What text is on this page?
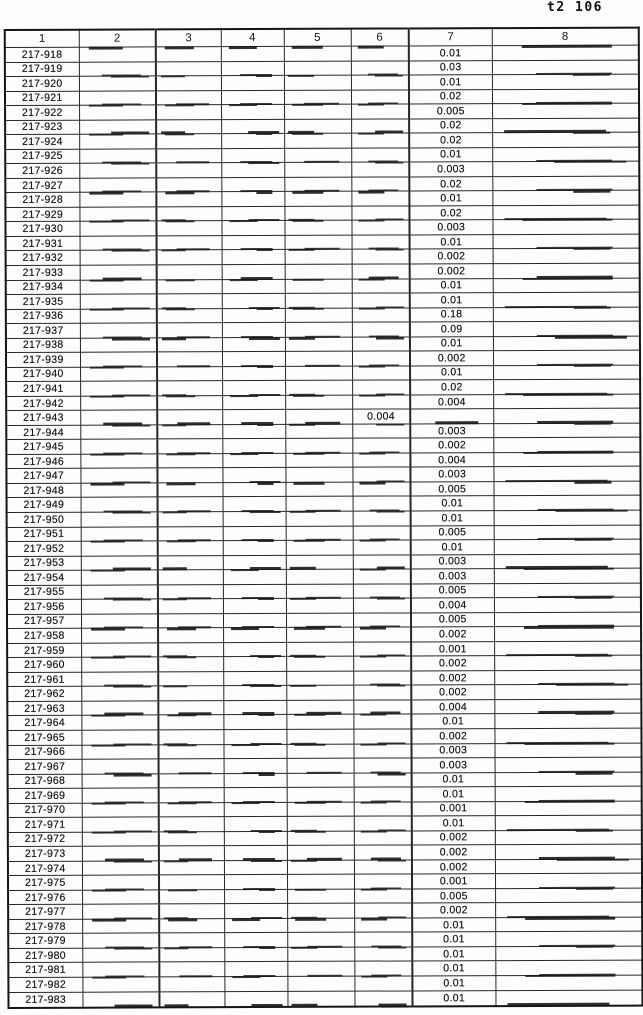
t2 106
1	2	3	4	5	6	7	8
217-918						0.01	
217-919						0.03	
217-920						0.01	
217-921						0.02	
217-922						0.005	
217-923						0.02	
217-924						0.02	
217-925						0.01	
217-926						0.003	
217-927						0.02	
217-928						0.01	
217-929						0.02	
217-930						0.003	
217-931						0.01	
217-932						0.002	
217-933						0.002	
217-934						0.01	
217-935						0.01	
217-936						0.18	
217-937						0.09	
217-938						0.01	
217-939						0.002	
217-940						0.01	
217-941						0.02	
217-942						0.004	
217-943					0.004		
217-944						0.003	
217-945						0.002	
217-946						0.004	
217-947						0.003	
217-948						0.005	
217-949						0.01	
217-950						0.01	
217-951						0.005	
217-952						0.01	
217-953						0.003	
217-954						0.003	
217-955						0.005	
217-956						0.004	
217-957						0.005	
217-958						0.002	
217-959						0.001	
217-960						0.002	
217-961						0.002	
217-962						0.002	
217-963						0.004	
217-964						0.01	
217-965						0.002	
217-966						0.003	
217-967						0.003	
217-968						0.01	
217-969						0.01	
217-970						0.001	
217-971						0.01	
217-972						0.002	
217-973						0.002	
217-974						0.002	
217-975						0.001	
217-976						0.005	
217-977						0.002	
217-978						0.01	
217-979						0.01	
217-980						0.01	
217-981						0.01	
217-982						0.01	
217-983						0.01	
